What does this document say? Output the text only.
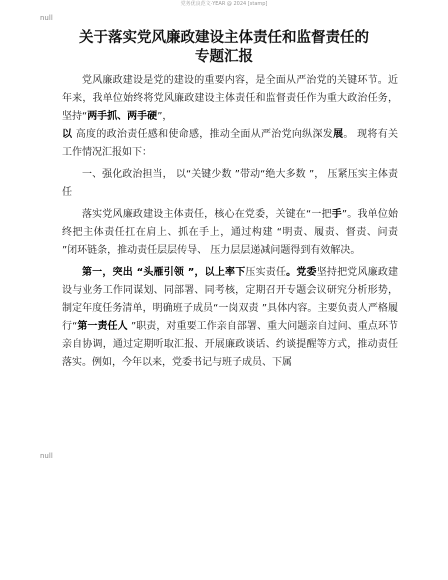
党务优良范文·YEAR @ 2024 [stamp]
null
关于落实党风廉政建设主体责任和监督责任的
专题汇报

党风廉政建设是党的建设的重要内容，是全面从严治党的关键环节。近年来，我单位始终将党风廉政建设主体责任和监督责任作为重大政治任务，坚持“两手抓、两手硬”，
以 高度的政治责任感和使命感，推动全面从严治党向纵深发展。 现将有关工作情况汇报如下：

一、强化政治担当， 以“关键少数 ”带动“绝大多数 ”， 压紧压实主体责任

落实党风廉政建设主体责任，核心在党委，关键在“一把手”。我单位始终把主体责任扛在肩上、抓在手上，通过构建 “明责、履责、督责、问责 ”闭环链条，推动责任层层传导、 压力层层递减问题得到有效解决。

第一，突出 “头雁引领 ”，以上率下压实责任。党委坚持把党风廉政建设与业务工作同谋划、同部署、同考核，定期召开专题会议研究分析形势，制定年度任务清单，明确班子成员“一岗双责 ”具体内容。主要负责人严格履行“第一责任人 ”职责，对重要工作亲自部署、重大问题亲自过问、重点环节亲自协调，通过定期听取汇报、开展廉政谈话、约谈提醒等方式，推动责任落实。例如，今年以来，党委书记与班子成员、下属

null
